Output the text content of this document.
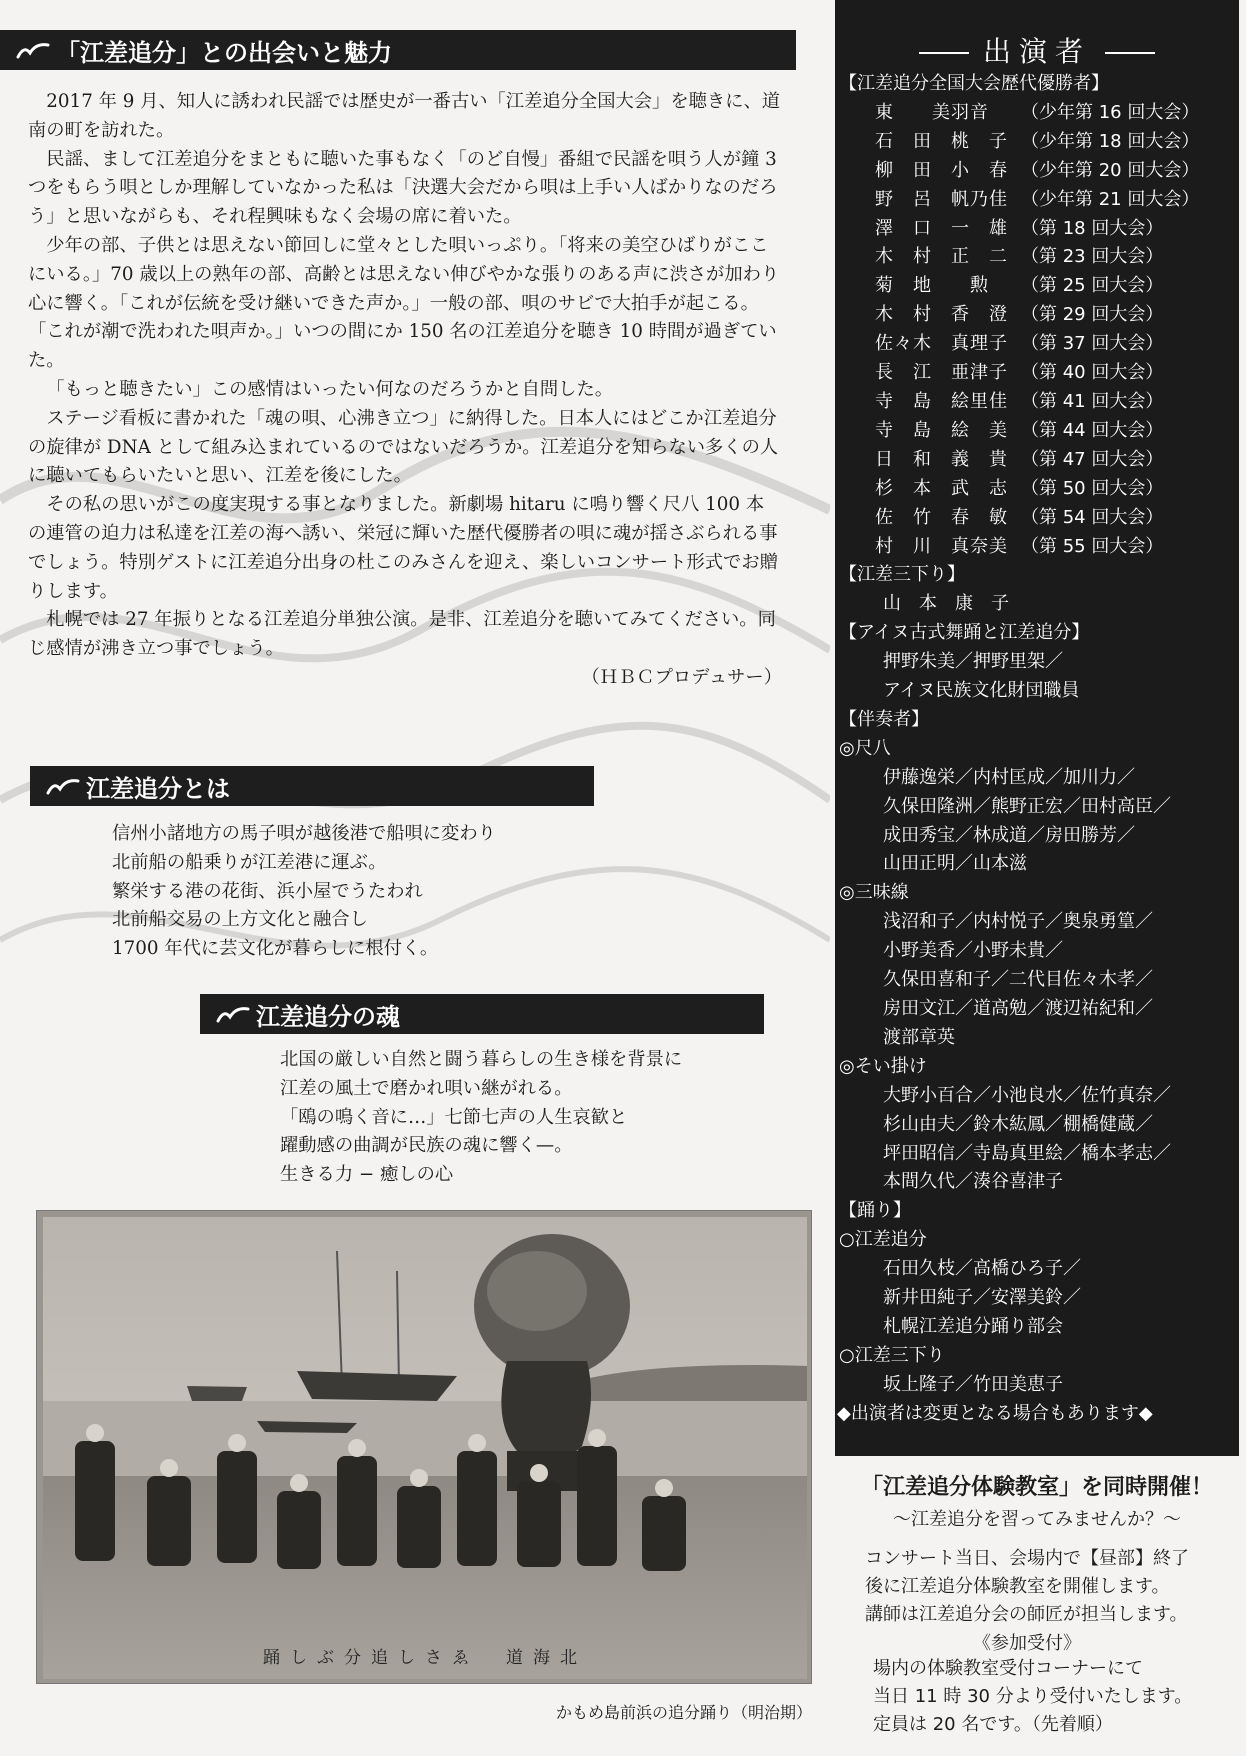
「江差追分」との出会いと魅力

2017 年 9 月、知人に誘われ民謡では歴史が一番古い「江差追分全国大会」を聴きに、道南の町を訪れた。

民謡、まして江差追分をまともに聴いた事もなく「のど自慢」番組で民謡を唄う人が鐘 3 つをもらう唄としか理解していなかった私は「決選大会だから唄は上手い人ばかりなのだろう」と思いながらも、それ程興味もなく会場の席に着いた。

少年の部、子供とは思えない節回しに堂々とした唄いっぷり。「将来の美空ひばりがここにいる。」70 歳以上の熟年の部、高齢とは思えない伸びやかな張りのある声に渋さが加わり心に響く。「これが伝統を受け継いできた声か。」一般の部、唄のサビで大拍手が起こる。「これが潮で洗われた唄声か。」いつの間にか 150 名の江差追分を聴き 10 時間が過ぎていた。

「もっと聴きたい」この感情はいったい何なのだろうかと自問した。

ステージ看板に書かれた「魂の唄、心沸き立つ」に納得した。日本人にはどこか江差追分の旋律が DNA として組み込まれているのではないだろうか。江差追分を知らない多くの人に聴いてもらいたいと思い、江差を後にした。

その私の思いがこの度実現する事となりました。新劇場 hitaru に鳴り響く尺八 100 本の連管の迫力は私達を江差の海へ誘い、栄冠に輝いた歴代優勝者の唄に魂が揺さぶられる事でしょう。特別ゲストに江差追分出身の杜このみさんを迎え、楽しいコンサート形式でお贈りします。

札幌では 27 年振りとなる江差追分単独公演。是非、江差追分を聴いてみてください。同じ感情が沸き立つ事でしょう。

（ＨＢＣプロデュサー）
江差追分とは
信州小諸地方の馬子唄が越後港で船唄に変わり
北前船の船乗りが江差港に運ぶ。
繁栄する港の花街、浜小屋でうたわれ
北前船交易の上方文化と融合し
1700 年代に芸文化が暮らしに根付く。
江差追分の魂
北国の厳しい自然と闘う暮らしの生き様を背景に
江差の風土で磨かれ唄い継がれる。
「鴎の鳴く音に…」七節七声の人生哀歓と
躍動感の曲調が民族の魂に響く—。
生きる力 − 癒しの心
踊しぶ分追しさゑ　道海北
かもめ島前浜の追分踊り（明治期）
出演者
【江差追分全国大会歴代優勝者】
東　　美羽音	（少年第 16 回大会）
石　田　桃　子 （少年第 18 回大会）
柳　田　小　春 （少年第 20 回大会）
野　呂　帆乃佳 （少年第 21 回大会）
澤　口　一　雄 （第 18 回大会）
木　村　正　二 （第 23 回大会）
菊　地　　勲	（第 25 回大会）
木　村　香　澄 （第 29 回大会）
佐々木　真理子 （第 37 回大会）
長　江　亜津子 （第 40 回大会）
寺　島　絵里佳 （第 41 回大会）
寺　島　絵　美 （第 44 回大会）
日　和　義　貴 （第 47 回大会）
杉　本　武　志 （第 50 回大会）
佐　竹　春　敏 （第 54 回大会）
村　川　真奈美 （第 55 回大会）
【江差三下り】
山　本　康　子
【アイヌ古式舞踊と江差追分】
押野朱美／押野里架／
アイヌ民族文化財団職員
【伴奏者】
◎尺八
伊藤逸栄／内村匡成／加川力／
久保田隆洲／熊野正宏／田村高臣／
成田秀宝／林成道／房田勝芳／
山田正明／山本滋
◎三味線
浅沼和子／内村悦子／奥泉勇篁／
小野美香／小野未貴／
久保田喜和子／二代目佐々木孝／
房田文江／道高勉／渡辺祐紀和／
渡部章英
◎そい掛け
大野小百合／小池良水／佐竹真奈／
杉山由夫／鈴木紘鳳／棚橋健蔵／
坪田昭信／寺島真里絵／橋本孝志／
本間久代／湊谷喜津子
【踊り】
○江差追分
石田久枝／高橋ひろ子／
新井田純子／安澤美鈴／
札幌江差追分踊り部会
○江差三下り
坂上隆子／竹田美恵子
◆出演者は変更となる場合もあります◆
「江差追分体験教室」を同時開催！
〜江差追分を習ってみませんか？〜
コンサート当日、会場内で【昼部】終了
後に江差追分体験教室を開催します。
講師は江差追分会の師匠が担当します。
《参加受付》
場内の体験教室受付コーナーにて
当日 11 時 30 分より受付いたします。
定員は 20 名です。（先着順）
